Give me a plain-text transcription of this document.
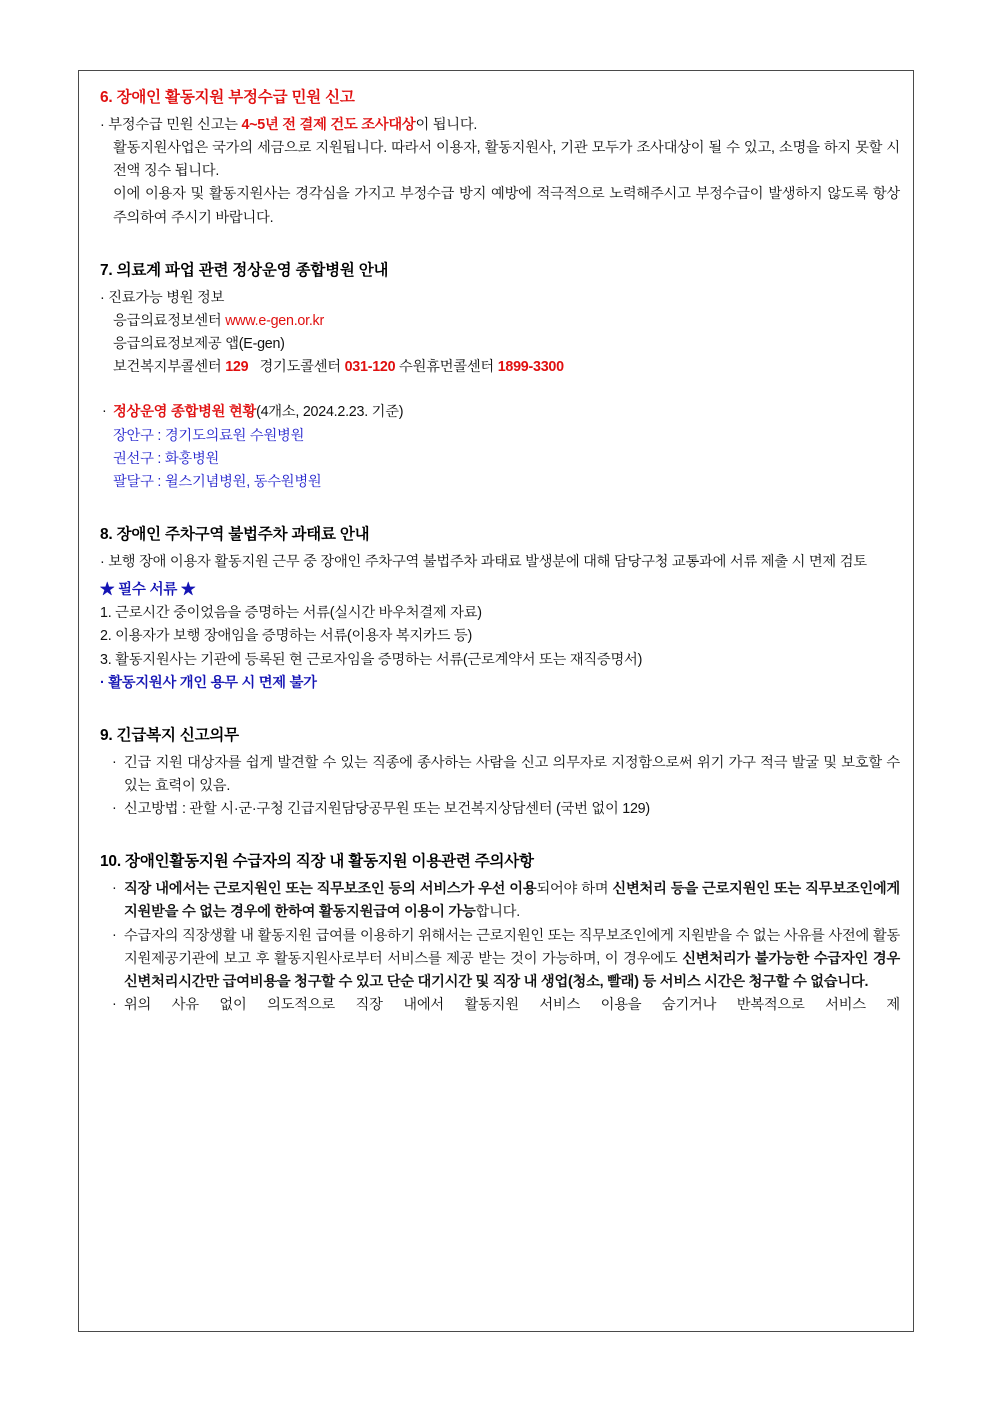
6. 장애인 활동지원 부정수급 민원 신고
· 부정수급 민원 신고는 4~5년 전 결제 건도 조사대상이 됩니다.
활동지원사업은 국가의 세금으로 지원됩니다. 따라서 이용자, 활동지원사, 기관 모두가 조사대상이 될 수 있고, 소명을 하지 못할 시 전액 징수 됩니다.
이에 이용자 및 활동지원사는 경각심을 가지고 부정수급 방지 예방에 적극적으로 노력해주시고 부정수급이 발생하지 않도록 항상 주의하여 주시기 바랍니다.
7. 의료계 파업 관련 정상운영 종합병원 안내
· 진료가능 병원 정보
응급의료정보센터 www.e-gen.or.kr
응급의료정보제공 앱(E-gen)
보건복지부콜센터 129 경기도콜센터 031-120 수원휴먼콜센터 1899-3300
· 정상운영 종합병원 현황(4개소, 2024.2.23. 기준)
장안구 : 경기도의료원 수원병원
권선구 : 화홍병원
팔달구 : 윌스기념병원, 동수원병원
8. 장애인 주차구역 불법주차 과태료 안내
· 보행 장애 이용자 활동지원 근무 중 장애인 주차구역 불법주차 과태료 발생분에 대해 담당구청 교통과에 서류 제출 시 면제 검토
★ 필수 서류 ★
1. 근로시간 중이었음을 증명하는 서류(실시간 바우처결제 자료)
2. 이용자가 보행 장애임을 증명하는 서류(이용자 복지카드 등)
3. 활동지원사는 기관에 등록된 현 근로자임을 증명하는 서류(근로계약서 또는 재직증명서)
· 활동지원사 개인 용무 시 면제 불가
9. 긴급복지 신고의무
· 긴급 지원 대상자를 쉽게 발견할 수 있는 직종에 종사하는 사람을 신고 의무자로 지정함으로써 위기 가구 적극 발굴 및 보호할 수 있는 효력이 있음.
· 신고방법 : 관할 시·군·구청 긴급지원담당공무원 또는 보건복지상담센터 (국번 없이 129)
10. 장애인활동지원 수급자의 직장 내 활동지원 이용관련 주의사항
· 직장 내에서는 근로지원인 또는 직무보조인 등의 서비스가 우선 이용되어야 하며 신변처리 등을 근로지원인 또는 직무보조인에게 지원받을 수 없는 경우에 한하여 활동지원급여 이용이 가능합니다.
· 수급자의 직장생활 내 활동지원 급여를 이용하기 위해서는 근로지원인 또는 직무보조인에게 지원받을 수 없는 사유를 사전에 활동지원제공기관에 보고 후 활동지원사로부터 서비스를 제공 받는 것이 가능하며, 이 경우에도 신변처리가 불가능한 수급자인 경우 신변처리시간만 급여비용을 청구할 수 있고 단순 대기시간 및 직장 내 생업(청소, 빨래) 등 서비스 시간은 청구할 수 없습니다.
· 위의 사유 없이 의도적으로 직장 내에서 활동지원 서비스 이용을 숨기거나 반복적으로 서비스 제
